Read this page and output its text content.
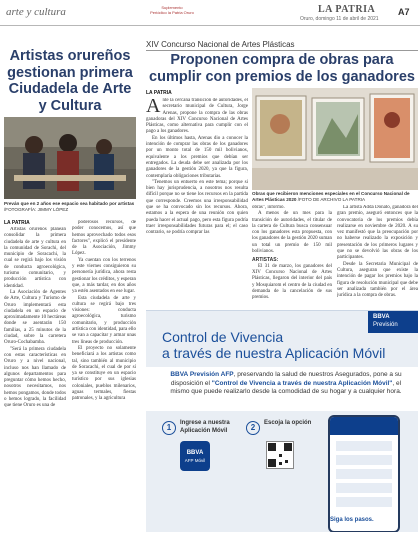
arte y cultura	Suplemento
Periódico la Patria Oruro	LA PATRIA
Oruro, domingo 11 de abril de 2021
A7
Artistas orureños gestionan primera Ciudadela de Arte y Cultura
Preván que en 2 años ese espacio sea habitado por artistas /FOTOGRAFÍA: JIMMY LÓPEZ
LA PATRIA

Artistas orureños planean consolidar la primera ciudadela de arte y cultura en la comunidad de Sorachi, del municipio de Soracachi, la cual se regirá bajo los visión de conducta agroecológica, turismo comunitario, y producción artística con identidad.

La Asociación de Agentes de Arte, Cultura y Turismo de Oruro implementará esta ciudadela en un espacio de aproximadamente 10 hectáreas donde se asentarán 150 familias, a 25 minutos de la ciudad, sobre la carretera Oruro-Cochabamba.

"Será la primera ciudadela con estas características en Oruro y a nivel nacional, incluso nos han llamado de algunos departamentos para preguntar cómo hemos hecho, nosotros necesitamos, nos hemos pongamos, donde todos o hemos logrado, la facilidad que tiene Oruro es una de

poderosos recursos, de poder conocemos, así que hemos aprovechado todos esos factores", explicó el presidente de la Asociación, Jimmy López.

Ya cuentan con los terrenos y este viernes consiguieron su personería jurídica, ahora resta gestionar los créditos, y esperan que, a más tardar, en dos años ya estén asentados en ese lugar.

Esta ciudadela de arte y cultura se regirá bajo tres visiones: conducta agroecológica, turismo comunitario, y producción artística con identidad, para ello se van a capacitar y armar unas tres líneas de producción.

El proyecto no solamente beneficiará a los artistas como tal, sino también al municipio de Soracachi, el cual de por sí ya se constituye en un espacio turístico por sus iglesias coloniales, pueblos milenarios, aguas termales, fiestas patronales, y la agricultura

XIV Concurso Nacional de Artes Plásticas
Proponen compra de obras para cumplir con premios de los ganadores
LA PATRIA

Ante la cercana transición de autoridades, el secretario municipal de Cultura, Jorge Arenas, propone la compra de las obras ganadoras del XIV Concurso Nacional de Artes Plásticas, como alternativa para cumplir con el pago a los ganadores.

En los últimos hasta, Arenas dio a conocer la intención de comprar las obras de los ganadores por un monto total de 150 mil bolivianos, equivalente a los premios que debían ser entregados. La deuda debe ser analizada por los ganadores de la gestión 2020, ya que la figura, contemplaría obligaciones tributarias.

"Tenemos un entuerto en este tema; porque si bien hay jurisprudencia, a nosotros nos resulta difícil porque no se tiene los recursos en la partida que corresponde. Creemos una irresponsabilidad que se ha convocado sin los recursos. Ahora, estamos a la espera de una reunión con quien pueda hacer el actual pago, pero esta figura podría traer irresponsabilidades futuras para el; el caso contrario, se podría comprar las

Obras que recibieron menciones especiales en el Concurso Nacional de Artes Plásticas 2020 /FOTO DE ARCHIVO LA PATRIA

obras", informó.

A menos de un mes para la transición de autoridades, el titular de la cartera de Cultura busca consensuar con los ganadores esta propuesta, con los ganadores de la gestión 2020 suman un total un premio de 150 mil bolivianos.

ARTISTAS:

El 31 de marzo, los ganadores del XIV Concurso Nacional de Artes Plásticas, llegaron del interior del país y Mosquiarom el centro de la ciudad en demanda de la cancelación de sus premios.

La artista Adda Donato, ganadora del gran premio, aseguró entonces que la convocatoria de los premios debía realizarse en noviembre de 2020. A su vez manifestó que la preocupación por no haberse realizado la exposición y presentación de los primeros lugares y que no se devolvió las obras de los participantes.

Desde la Secretaria Municipal de Cultura, aseguran que existe la intención de pagar los premios bajo la figura de resolución municipal que debe ser analizada también por el área jurídica a la compra de obras.

BBVA
Previsión
Control de Vivencia
a través de nuestra Aplicación Móvil
BBVA Previsión AFP, preservando la salud de nuestros Asegurados, pone a su disposición el "Control de Vivencia a través de nuestra Aplicación Móvil", el mismo que puede realizarlo desde la comodidad de su hogar y a cualquier hora.
1	Ingrese a nuestra Aplicación Móvil
BBVA
AFP Móvil
2	Escoja la opción
Siga los pasos.
